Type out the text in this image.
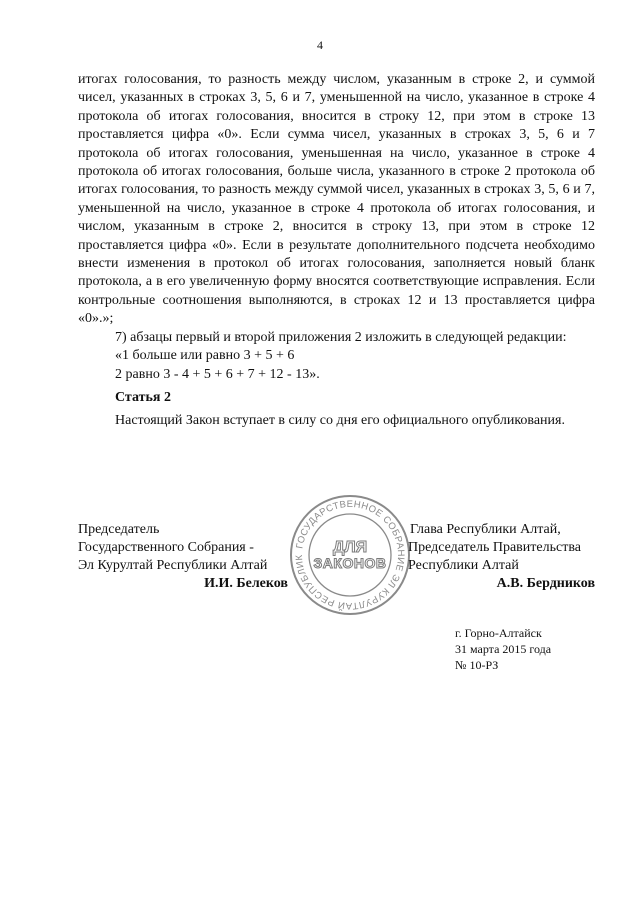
4

итогах голосования, то разность между числом, указанным в строке 2, и суммой чисел, указанных в строках 3, 5, 6 и 7, уменьшенной на число, указанное в строке 4 протокола об итогах голосования, вносится в строку 12, при этом в строке 13 проставляется цифра «0». Если сумма чисел, указанных в строках 3, 5, 6 и 7 протокола об итогах голосования, уменьшенная на число, указанное в строке 4 протокола об итогах голосования, больше числа, указанного в строке 2 протокола об итогах голосования, то разность между суммой чисел, указанных в строках 3, 5, 6 и 7, уменьшенной на число, указанное в строке 4 протокола об итогах голосования, и числом, указанным в строке 2, вносится в строку 13, при этом в строке 12 проставляется цифра «0». Если в результате дополнительного подсчета необходимо внести изменения в протокол об итогах голосования, заполняется новый бланк протокола, а в его увеличенную форму вносятся соответствующие исправления. Если контрольные соотношения выполняются, в строках 12 и 13 проставляется цифра «0».»;

7) абзацы первый и второй приложения 2 изложить в следующей редакции:

«1 больше или равно 3 + 5 + 6

2 равно 3 - 4 + 5 + 6 + 7 + 12 - 13».

Статья 2

Настоящий Закон вступает в силу со дня его официального опубликования.

Председатель
Государственного Собрания -
Эл Курултай Республики Алтай
И.И. Белеков
ГОСУДАРСТВЕННОЕ СОБРАНИЕ ЭЛ КУРУЛТАЙ РЕСПУБЛИК
ДЛЯ
ЗАКОНОВ
Глава Республики Алтай,
Председатель Правительства
Республики Алтай
А.В. Бердников
г. Горно-Алтайск
31 марта 2015 года
№ 10-РЗ
